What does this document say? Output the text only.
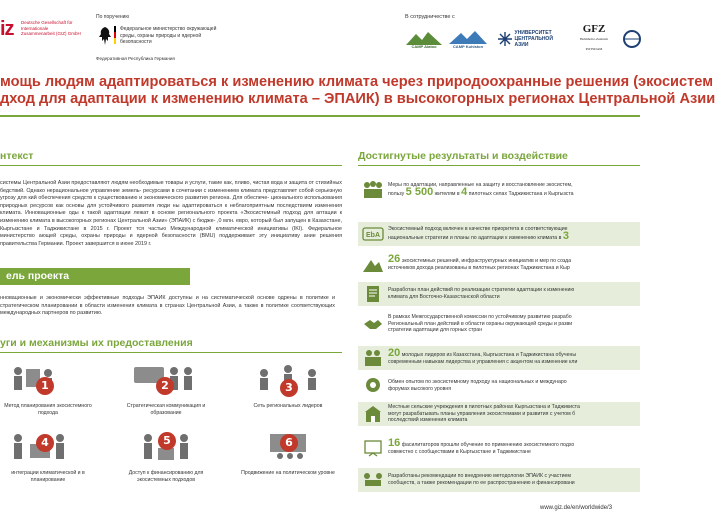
iz Deutsche Gesellschaft für Internationale Zusammenarbeit (GIZ) GmbH
По поручению
Федеральное министерство окружающей среды, охраны природы и ядерной безопасности
Федеративная Республика Германия
В сотрудничестве с
CAMP Alatoo	CAMP Kuhiston
УНИВЕРСИТЕТ ЦЕНТРАЛЬНОЙ АЗИИ
GFZ
Helmholtz-Zentrum POTSDAM
мощь людям адаптироваться к изменению климата через природоохранные решения (экосистем
дход для адаптации к изменению климата – ЭПАИК) в высокогорных регионах Центральной Азии
нтекст
системы Центральной Азии предоставляют людям необходимые товары и услуги, такие как, пливо, чистая вода и защита от стихийных бедствий. Однако нерациональное управление земель- ресурсами в сочетании с изменением климата представляет собой серьезную угрозу для кий обеспечения средств к существованию и экономического развития региона. Для обеспече- ционального использования природных ресурсов как основы для устойчивого развития люди ны адаптироваться к неблагоприятным последствиям изменения климата. Инновационные оды к такой адаптации лежат в основе регионального проекта «Экосистемный подход для аптации к изменению климата в высокогорных регионах Центральной Азии» (ЭПАИК) с бюдже- ,0 млн. евро, который был запущен в Казахстане, Кыргызстане и Таджикистане в 2015 г. Проект тся частью Международной климатической инициативы (IKI). Федеральное министерство ающей среды, охраны природы и ядерной безопасности (BMU) поддерживает эту инициативу ание решения правительства Германии. Проект завершится в июне 2019 г.
ель проекта
нновационные и экономически эффективные подходы ЭПАИК доступны и на систематической основе одрены в политике и стратегическом планировании в области изменения климата в странах Центральной Азии, а также в политике соответствующих международных партнеров по развитию.
уги и механизмы их предоставления
1
Метод планирования экосистемного подхода
2
Стратегическая коммуникация и образование
3
Сеть региональных лидеров
4
интеграции климатической и в планирование
5
Доступ к финансированию для экосистемных подходов
6
Продвижение на политическом уровне
Достигнутые результаты и воздействие
Меры по адаптации, направленные на защиту и восстановление экосистем,
пользу 5 500 жителям в 4 пилотных селах Таджикистана и Кыргызста
EbA
Экосистемный подход включен в качестве приоритета в соответствующие
национальные стратегии и планы по адаптации к изменению климата в 3
26 экосистемных решений, инфраструктурных инициатив и мер по созда
источников дохода реализованы в пилотных регионах Таджикистана и Кыр
Разработан план действий по реализации стратегии адаптации к изменению
климата для Восточно-Казахстанской области
В рамках Межгосударственной комиссии по устойчивому развитию разрабо
Региональный план действий в области охраны окружающей среды и разви
стратегии адаптации для горных стран
20 молодых лидеров из Казахстана, Кыргызстана и Таджикистана обучены
современным навыкам лидерства и управления с акцентом на изменение кли
Обмен опытом по экосистемному подходу на национальных и междунаро
форумах высокого уровня
Местные сельские учреждения в пилотных районах Кыргызстана и Таджикиста
могут разрабатывать планы управления экосистемами и развития с учетом б
последствий изменения климата
16 фасилитаторов прошли обучение по применению экосистемного подхо
совместно с сообществами в Кыргызстане и Таджикистане
Разработаны рекомендации по внедрению методологии ЭПАИК с участием
сообществ, а также рекомендации по ее распространению и финансировани
www.giz.de/en/worldwide/3
